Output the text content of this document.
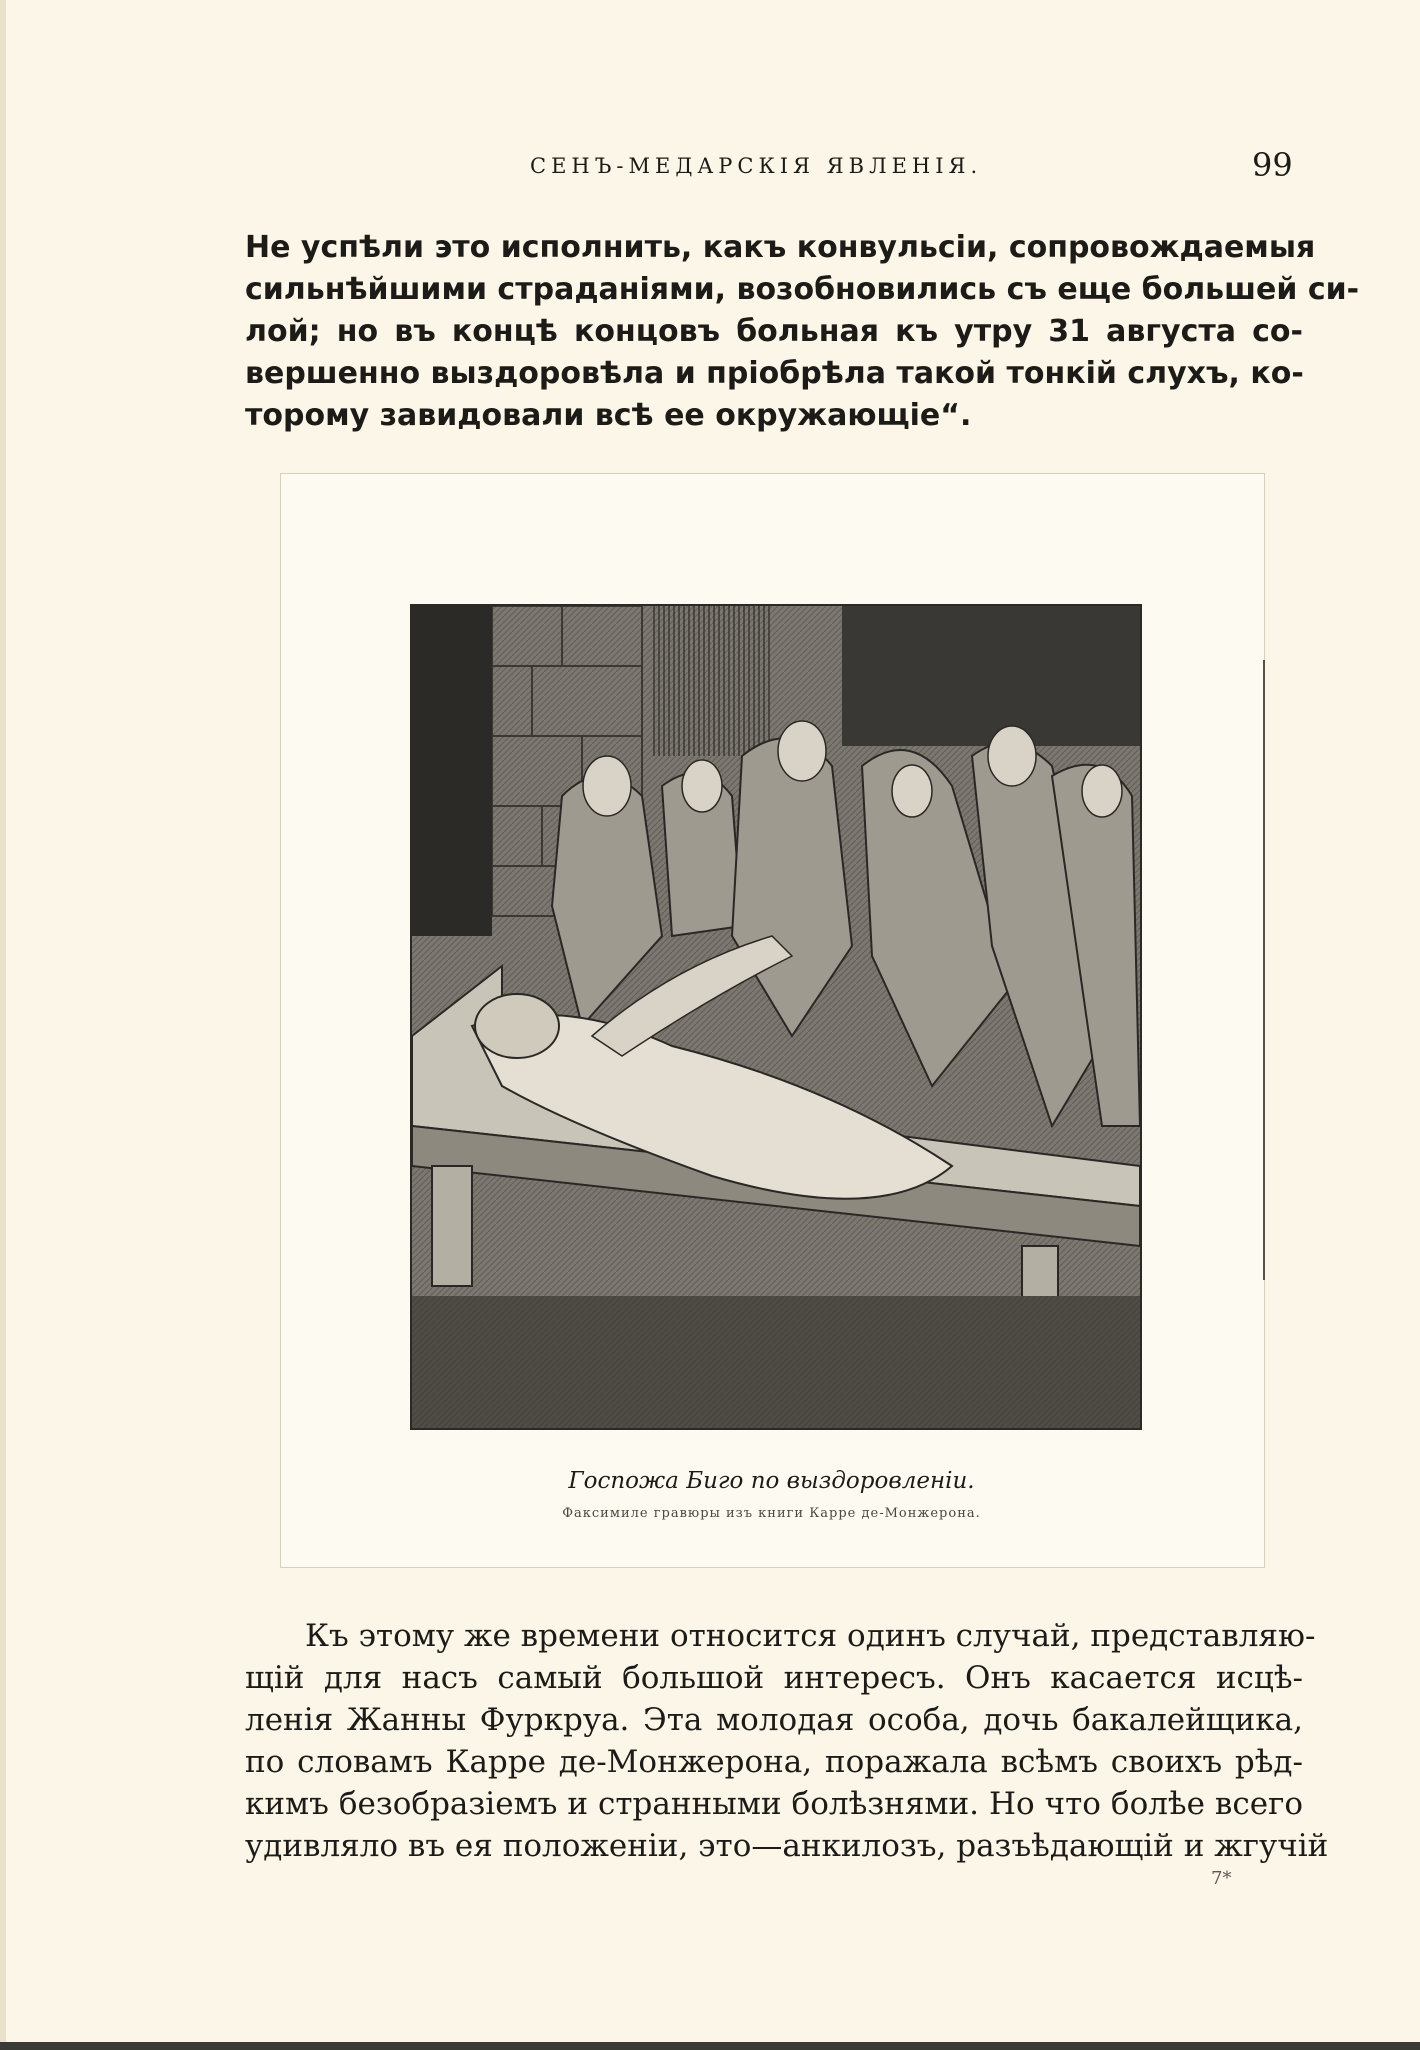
СЕНЪ-МЕДАРСКІЯ ЯВЛЕНІЯ.	99

Не успѣли это исполнить, какъ конвульсіи, сопровождаемыя
сильнѣйшими страданіями, возобновились съ еще большей си-
лой; но въ концѣ концовъ больная къ утру 31 августа со-
вершенно выздоровѣла и пріобрѣла такой тонкій слухъ, ко-
торому завидовали всѣ ее окружающіе“.

Госпожа Биго по выздоровленіи.
Факсимиле гравюры изъ книги Карре де-Монжерона.

Къ этому же времени относится одинъ случай, представляю-
щій для насъ самый большой интересъ. Онъ касается исцѣ-
ленія Жанны Фуркруа. Эта молодая особа, дочь бакалейщика,
по словамъ Карре де-Монжерона, поражала всѣмъ своихъ рѣд-
кимъ безобразіемъ и странными болѣзнями. Но что болѣе всего
удивляло въ ея положеніи, это—анкилозъ, разъѣдающій и жгучій

7*
